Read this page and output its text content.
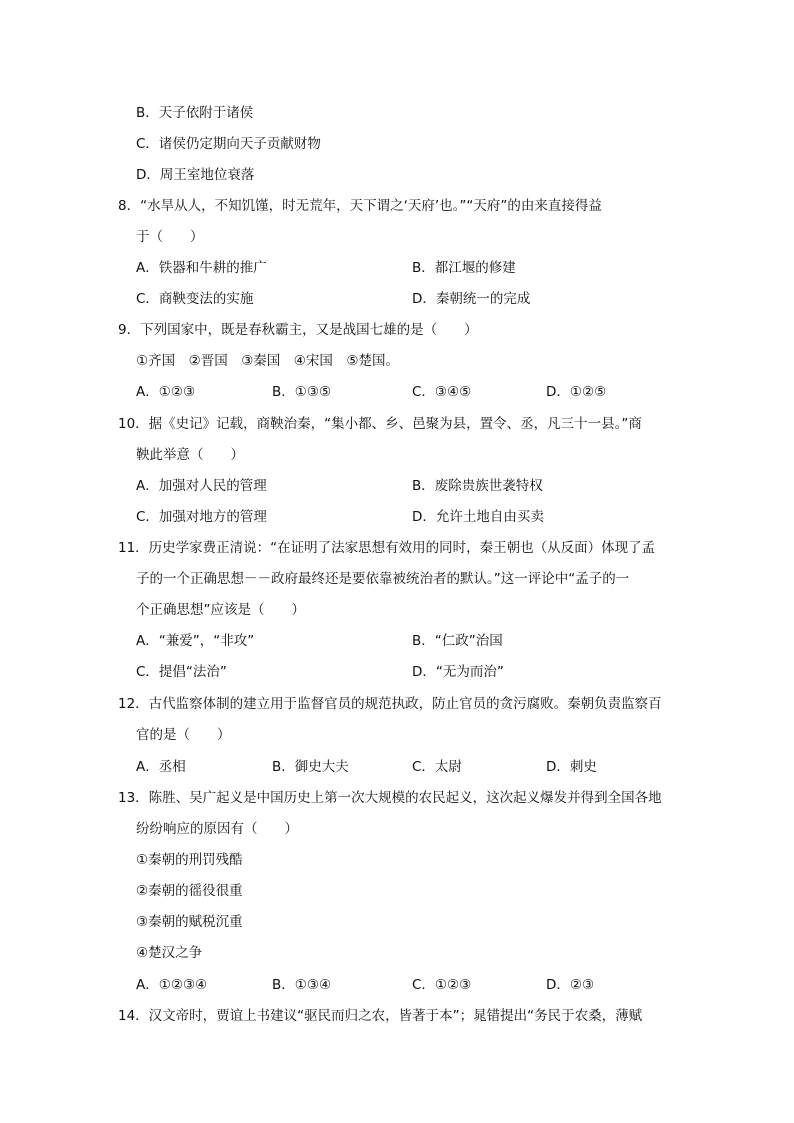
B．天子依附于诸侯
C．诸侯仍定期向天子贡献财物
D．周王室地位衰落
8．“水旱从人，不知饥馑，时无荒年，天下谓之‘天府’也。”“天府”的由来直接得益
于（　　）
A．铁器和牛耕的推广	B．都江堰的修建
C．商鞅变法的实施	D．秦朝统一的完成
9．下列国家中，既是春秋霸主，又是战国七雄的是（　　）
①齐国　②晋国　③秦国　④宋国　⑤楚国。
A．①②③	B．①③⑤	C．③④⑤	D．①②⑤
10．据《史记》记载，商鞅治秦，“集小都、乡、邑聚为县，置令、丞，凡三十一县。”商
鞅此举意（　　）
A．加强对人民的管理	B．废除贵族世袭特权
C．加强对地方的管理	D．允许土地自由买卖
11．历史学家费正清说：“在证明了法家思想有效用的同时，秦王朝也（从反面）体现了孟
子的一个正确思想－－政府最终还是要依靠被统治者的默认。”这一评论中“孟子的一
个正确思想”应该是（　　）
A．“兼爱”，“非攻”	B．“仁政”治国
C．提倡“法治”	D．“无为而治”
12．古代监察体制的建立用于监督官员的规范执政，防止官员的贪污腐败。秦朝负责监察百
官的是（　　）
A．丞相	B．御史大夫	C．太尉	D．刺史
13．陈胜、吴广起义是中国历史上第一次大规模的农民起义，这次起义爆发并得到全国各地
纷纷响应的原因有（　　）
①秦朝的刑罚残酷
②秦朝的徭役很重
③秦朝的赋税沉重
④楚汉之争
A．①②③④	B．①③④	C．①②③	D．②③
14．汉文帝时，贾谊上书建议“驱民而归之农，皆著于本”；晁错提出“务民于农桑，薄赋
